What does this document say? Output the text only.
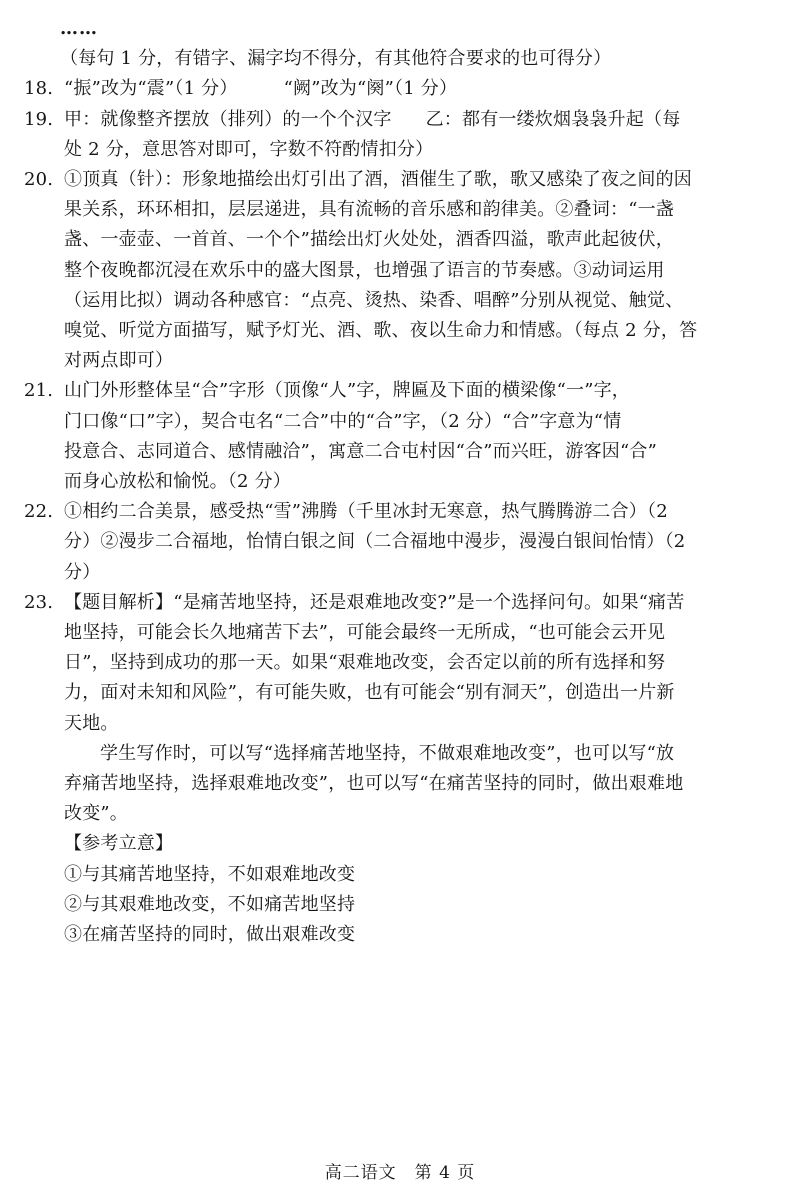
……
（每句 1 分，有错字、漏字均不得分，有其他符合要求的也可得分）
18. “振”改为“震”（1 分）	“阙”改为“阕”（1 分）
19. 甲：就像整齐摆放（排列）的一个个汉字 乙：都有一缕炊烟袅袅升起（每
处 2 分，意思答对即可，字数不符酌情扣分）
20. ①顶真（针）：形象地描绘出灯引出了酒，酒催生了歌，歌又感染了夜之间的因
果关系，环环相扣，层层递进，具有流畅的音乐感和韵律美。②叠词：“一盏
盏、一壶壶、一首首、一个个”描绘出灯火处处，酒香四溢，歌声此起彼伏，
整个夜晚都沉浸在欢乐中的盛大图景，也增强了语言的节奏感。③动词运用
（运用比拟）调动各种感官：“点亮、烫热、染香、唱醉”分别从视觉、触觉、
嗅觉、听觉方面描写，赋予灯光、酒、歌、夜以生命力和情感。（每点 2 分，答
对两点即可）
21. 山门外形整体呈“合”字形（顶像“人”字，牌匾及下面的横梁像“一”字，
门口像“口”字），契合屯名“二合”中的“合”字，（2 分）“合”字意为“情
投意合、志同道合、感情融洽”，寓意二合屯村因“合”而兴旺，游客因“合”
而身心放松和愉悦。（2 分）
22. ①相约二合美景，感受热“雪”沸腾（千里冰封无寒意，热气腾腾游二合）（2
分）②漫步二合福地，怡情白银之间（二合福地中漫步，漫漫白银间怡情）（2
分）
23. 【题目解析】“是痛苦地坚持，还是艰难地改变?”是一个选择问句。如果“痛苦
地坚持，可能会长久地痛苦下去”，可能会最终一无所成，“也可能会云开见
日”，坚持到成功的那一天。如果“艰难地改变，会否定以前的所有选择和努
力，面对未知和风险”，有可能失败，也有可能会“别有洞天”，创造出一片新
天地。
学生写作时，可以写“选择痛苦地坚持，不做艰难地改变”，也可以写“放
弃痛苦地坚持，选择艰难地改变”，也可以写“在痛苦坚持的同时，做出艰难地
改变”。
【参考立意】
①与其痛苦地坚持，不如艰难地改变
②与其艰难地改变，不如痛苦地坚持
③在痛苦坚持的同时，做出艰难改变
高二语文　第 4 页
